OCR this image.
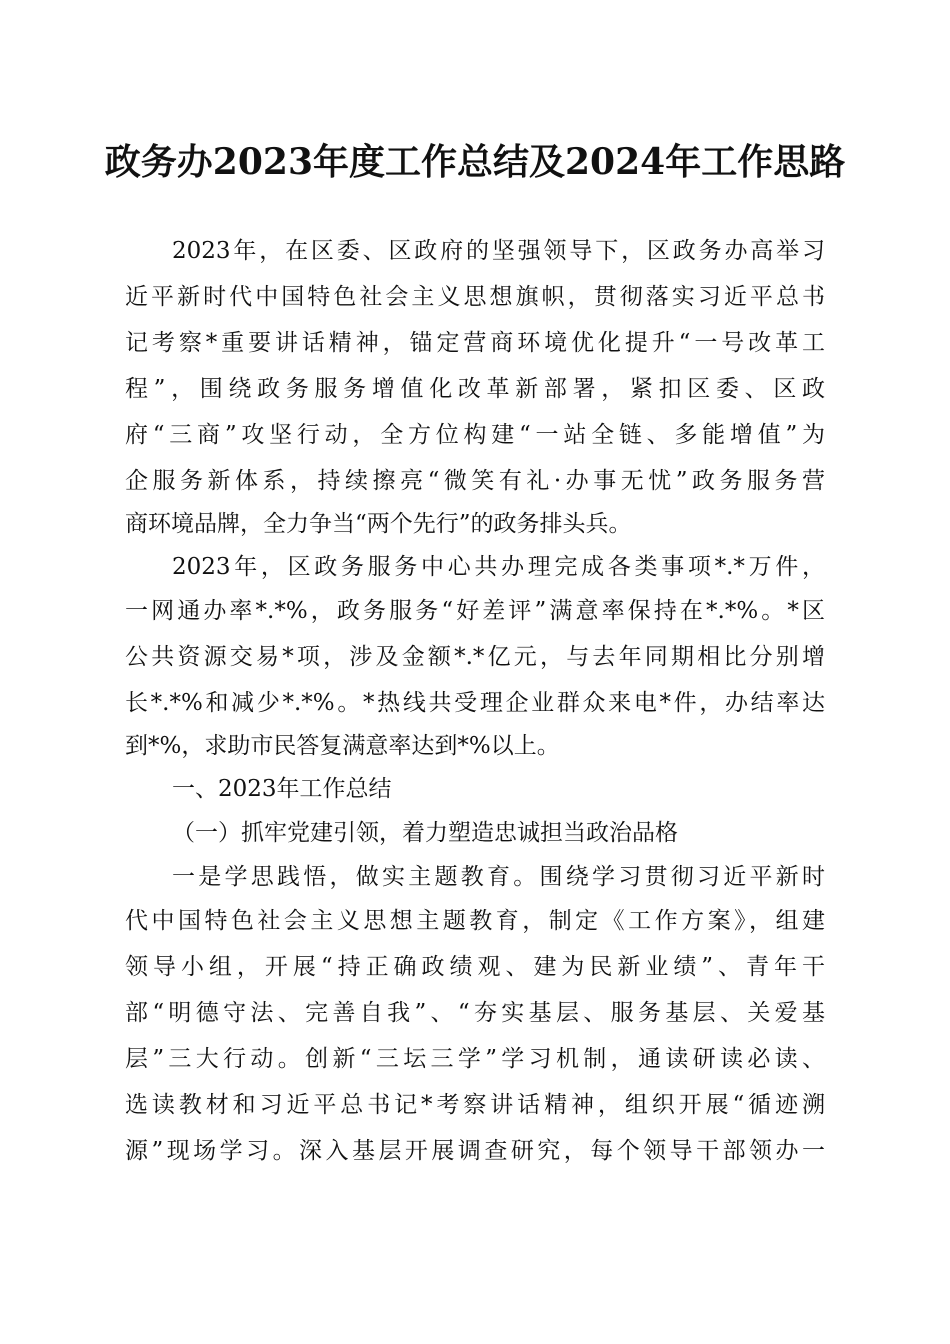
政务办2023年度工作总结及2024年工作思路

2023年，在区委、区政府的坚强领导下，区政务办高举习

近平新时代中国特色社会主义思想旗帜，贯彻落实习近平总书

记考察*重要讲话精神，锚定营商环境优化提升“一号改革工

程”，围绕政务服务增值化改革新部署，紧扣区委、区政

府“三商”攻坚行动，全方位构建“一站全链、多能增值”为

企服务新体系，持续擦亮“微笑有礼·办事无忧”政务服务营

商环境品牌，全力争当“两个先行”的政务排头兵。

2023年，区政务服务中心共办理完成各类事项*.*万件，

一网通办率*.*%，政务服务“好差评”满意率保持在*.*%。*区

公共资源交易*项，涉及金额*.*亿元，与去年同期相比分别增

长*.*%和减少*.*%。*热线共受理企业群众来电*件，办结率达

到*%，求助市民答复满意率达到*%以上。

一、2023年工作总结

（一）抓牢党建引领，着力塑造忠诚担当政治品格

一是学思践悟，做实主题教育。围绕学习贯彻习近平新时

代中国特色社会主义思想主题教育，制定《工作方案》，组建

领导小组，开展“持正确政绩观、建为民新业绩”、青年干

部“明德守法、完善自我”、“夯实基层、服务基层、关爱基

层”三大行动。创新“三坛三学”学习机制，通读研读必读、

选读教材和习近平总书记*考察讲话精神，组织开展“循迹溯

源”现场学习。深入基层开展调查研究，每个领导干部领办一
